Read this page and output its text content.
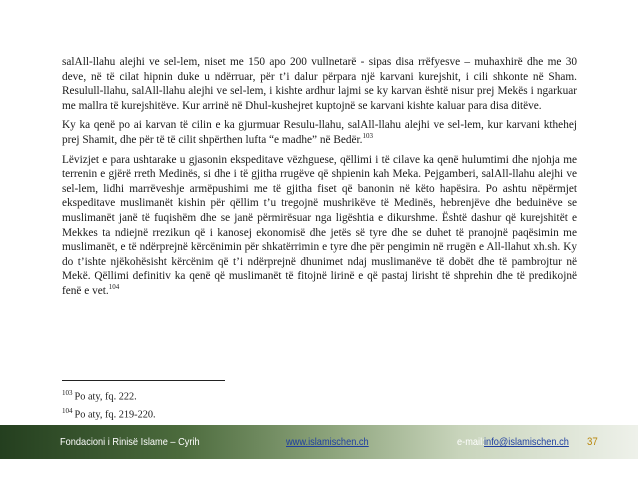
salAll-llahu alejhi ve sel-lem, niset me 150 apo 200 vullnetarë - sipas disa rrëfyesve – muhaxhirë dhe me 30 deve, në të cilat hipnin duke u ndërruar, për t’i dalur përpara një karvani kurejshit, i cili shkonte në Sham. Resulull-llahu, salAll-llahu alejhi ve sel-lem, i kishte ardhur lajmi se ky karvan është nisur prej Mekës i ngarkuar me mallra të kurejshitëve. Kur arrinë në Dhul-kushejret kuptojnë se karvani kishte kaluar para disa ditëve.

Ky ka qenë po ai karvan të cilin e ka gjurmuar Resulu-llahu, salAll-llahu alejhi ve sel-lem, kur karvani kthehej prej Shamit, dhe për të të cilit shpërthen lufta “e madhe” në Bedër.$^{103}$

Lëvizjet e para ushtarake u gjasonin ekspeditave vëzhguese, qëllimi i të cilave ka qenë hulumtimi dhe njohja me terrenin e gjërë rreth Medinës, si dhe i të gjitha rrugëve që shpienin kah Meka. Pejgamberi, salAll-llahu alejhi ve sel-lem, lidhi marrëveshje armëpushimi me të gjitha fiset që banonin në këto hapësira. Po ashtu nëpërmjet ekspeditave muslimanët kishin për qëllim t’u tregojnë mushrikëve të Medinës, hebrenjëve dhe beduinëve se muslimanët janë të fuqishëm dhe se janë përmirësuar nga ligështia e dikurshme. Është dashur që kurejshitët e Mekkes ta ndiejnë rrezikun që i kanosej ekonomisë dhe jetës së tyre dhe se duhet të pranojnë paqësimin me muslimanët, e të ndërprejnë kërcënimin për shkatërrimin e tyre dhe për pengimin në rrugën e All-llahut xh.sh. Ky do t’ishte njëkohësisht kërcënim që t’i ndërprejnë dhunimet ndaj muslimanëve të dobët dhe të pambrojtur në Mekë. Qëllimi definitiv ka qenë që muslimanët të fitojnë lirinë e që pastaj lirisht të shprehin dhe të predikojnë fenë e vet.$^{104}$

$^{103}$ Po aty, fq. 222.
$^{104}$ Po aty, fq. 219-220.
Fondacioni i Rinisë Islame – Cyrih	www.islamischen.ch	e-mail: info@islamischen.ch 37
